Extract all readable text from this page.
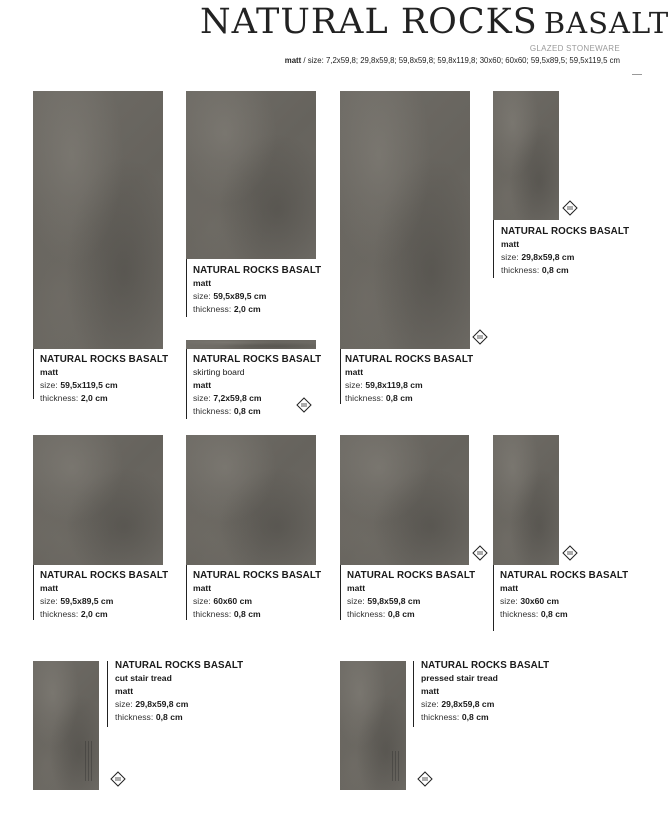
NATURAL ROCKS BASALT
GLAZED STONEWARE
matt / size: 7,2x59,8; 29,8x59,8; 59,8x59,8; 59,8x119,8; 30x60; 60x60; 59,5x89,5; 59,5x119,5 cm
NATURAL ROCKS BASALT
matt
size: 59,5x119,5 cm
thickness: 2,0 cm
NATURAL ROCKS BASALT
matt
size: 59,5x89,5 cm
thickness: 2,0 cm
NATURAL ROCKS BASALT
skirting board
matt
size: 7,2x59,8 cm
thickness: 0,8 cm
NATURAL ROCKS BASALT
matt
size: 59,8x119,8 cm
thickness: 0,8 cm
NATURAL ROCKS BASALT
matt
size: 29,8x59,8 cm
thickness: 0,8 cm
NATURAL ROCKS BASALT
matt
size: 59,5x89,5 cm
thickness: 2,0 cm
NATURAL ROCKS BASALT
matt
size: 60x60 cm
thickness: 0,8 cm
NATURAL ROCKS BASALT
matt
size: 59,8x59,8 cm
thickness: 0,8 cm
NATURAL ROCKS BASALT
matt
size: 30x60 cm
thickness: 0,8 cm
NATURAL ROCKS BASALT
cut stair tread
matt
size: 29,8x59,8 cm
thickness: 0,8 cm
NATURAL ROCKS BASALT
pressed stair tread
matt
size: 29,8x59,8 cm
thickness: 0,8 cm
